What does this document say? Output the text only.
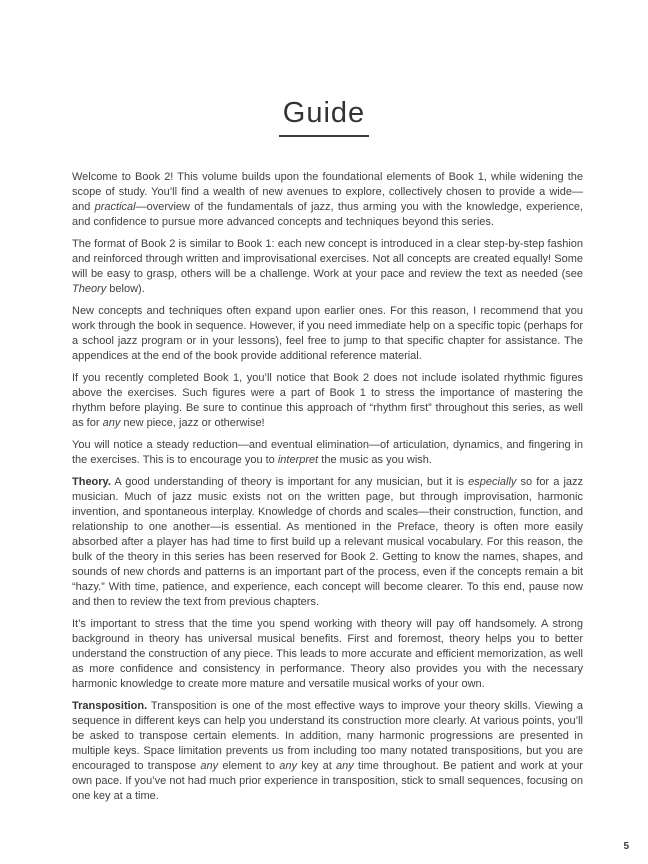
Guide

Welcome to Book 2! This volume builds upon the foundational elements of Book 1, while widening the scope of study. You’ll find a wealth of new avenues to explore, collectively chosen to provide a wide—and practical—overview of the fundamentals of jazz, thus arming you with the knowledge, experience, and confidence to pursue more advanced concepts and techniques beyond this series.

The format of Book 2 is similar to Book 1: each new concept is introduced in a clear step-by-step fashion and reinforced through written and improvisational exercises. Not all concepts are created equally! Some will be easy to grasp, others will be a challenge. Work at your pace and review the text as needed (see Theory below).

New concepts and techniques often expand upon earlier ones. For this reason, I recommend that you work through the book in sequence. However, if you need immediate help on a specific topic (perhaps for a school jazz program or in your lessons), feel free to jump to that specific chapter for assistance. The appendices at the end of the book provide additional reference material.

If you recently completed Book 1, you’ll notice that Book 2 does not include isolated rhythmic figures above the exercises. Such figures were a part of Book 1 to stress the importance of mastering the rhythm before playing. Be sure to continue this approach of “rhythm first” throughout this series, as well as for any new piece, jazz or otherwise!

You will notice a steady reduction—and eventual elimination—of articulation, dynamics, and fingering in the exercises. This is to encourage you to interpret the music as you wish.

Theory. A good understanding of theory is important for any musician, but it is especially so for a jazz musician. Much of jazz music exists not on the written page, but through improvisation, harmonic invention, and spontaneous interplay. Knowledge of chords and scales—their construction, function, and relationship to one another—is essential. As mentioned in the Preface, theory is often more easily absorbed after a player has had time to first build up a relevant musical vocabulary. For this reason, the bulk of the theory in this series has been reserved for Book 2. Getting to know the names, shapes, and sounds of new chords and patterns is an important part of the process, even if the concepts remain a bit “hazy.” With time, patience, and experience, each concept will become clearer. To this end, pause now and then to review the text from previous chapters.

It’s important to stress that the time you spend working with theory will pay off handsomely. A strong background in theory has universal musical benefits. First and foremost, theory helps you to better understand the construction of any piece. This leads to more accurate and efficient memorization, as well as more confidence and consistency in performance. Theory also provides you with the necessary harmonic knowledge to create more mature and versatile musical works of your own.

Transposition. Transposition is one of the most effective ways to improve your theory skills. Viewing a sequence in different keys can help you understand its construction more clearly. At various points, you’ll be asked to transpose certain elements. In addition, many harmonic progressions are presented in multiple keys. Space limitation prevents us from including too many notated transpositions, but you are encouraged to transpose any element to any key at any time throughout. Be patient and work at your own pace. If you’ve not had much prior experience in transposition, stick to small sequences, focusing on one key at a time.

5
